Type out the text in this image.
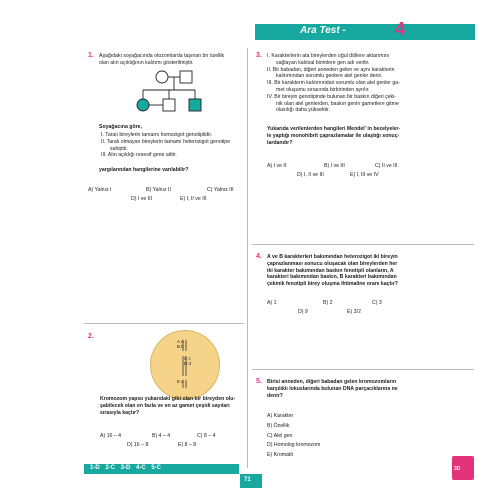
Ara Test -	4
1. Aşağıdaki soyağacında otozomlarda taşınan bir özellik
olan alın açıklığının kalıtımı gösterilmiştir.
Soyağacına göre,
I. Taralı bireylerin tamamı homozigot genotiplidir.
II. Taralı olmayan bireylerin tamamı heterozigot genotipe
sahiptir.
III. Alın açıklığı resesif gene aittir.
yargılarından hangilerine varılabilir?
A) Yalnız I	B) Yalnız II	C) Yalnız III
D) I ve III	E) I, II ve III
2.
A a
B b
C c
D d
E e
Kromozom yapısı yukarıdaki gibi olan bir bireyden olu-
şabilecek olan en fazla ve en az gamet çeşidi sayıları
sırasıyla kaçtır?
A) 16 – 4	B) 4 – 4	C) 8 – 4
D) 16 – 8	E) 8 – 8
3. I. Karakterlerin ata bireylerden oğul döllere aktarımını
sağlayan kalıtsal birimlere gen adı verilir.
II. Bir babadan, diğeri anneden gelen ve aynı karakterin
kalıtımından sorumlu genlere alel genler denir.
III. Bir karakterin kalıtımından sorumlu olan alel genler ga-
met oluşumu sırasında birbirinden ayrılır.
IV. Bir bireyin genotipinde bulunan bir baskın diğeri çeki-
nik olan alel genlerden, baskın genin gametlere gitme
olasılığı daha yüksektir.
Yukarıda verilenlerden hangileri Mendel' in bezelyeler-
le yaptığı monohibrit çaprazlamalar ile ulaştığı sonuç-
lardandır?
A) I ve II	B) I ve III	C) II ve III
D) I, II ve III	E) I, III ve IV
4. A ve B karakterleri bakımından heterozigot iki bireyin
çaprazlanması sonucu oluşacak olan bireylerden her
iki karakter bakımından baskın fenotipli olanların, A
karakteri bakımından baskın, B karakteri bakımından
çekinik fenotipli birey oluşma ihtimaline oranı kaçtır?
A) 1	B) 2	C) 3
D) 9	E) 3/2
5. Birisi anneden, diğeri babadan gelen kromozomların
karşılıklı lokuslarında bulunan DNA parçacıklarına ne
denir?
A) Karakter
B) Özellik
C) Alel gen
D) Homolog kromozom
E) Kromatit
1-D 2-C 3-D 4-C 5-C
71
3D
